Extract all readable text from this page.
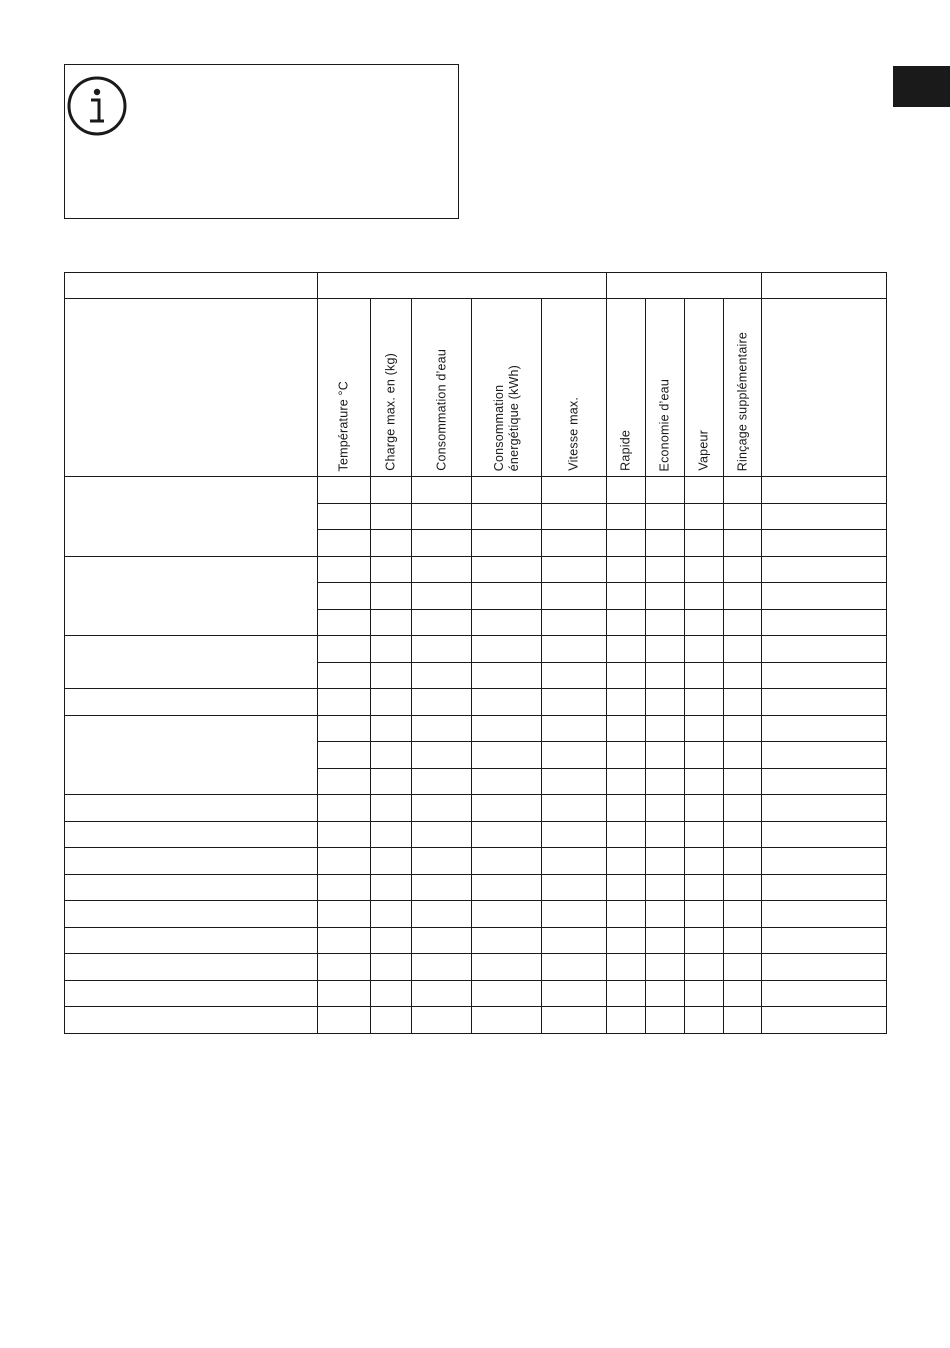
	Température °C	Charge max. en (kg)	Consommation d’eau	Consommation
énergétique (kWh)	Vitesse max.	Rapide	Economie d’eau	Vapeur	Rinçage supplémentaire	
